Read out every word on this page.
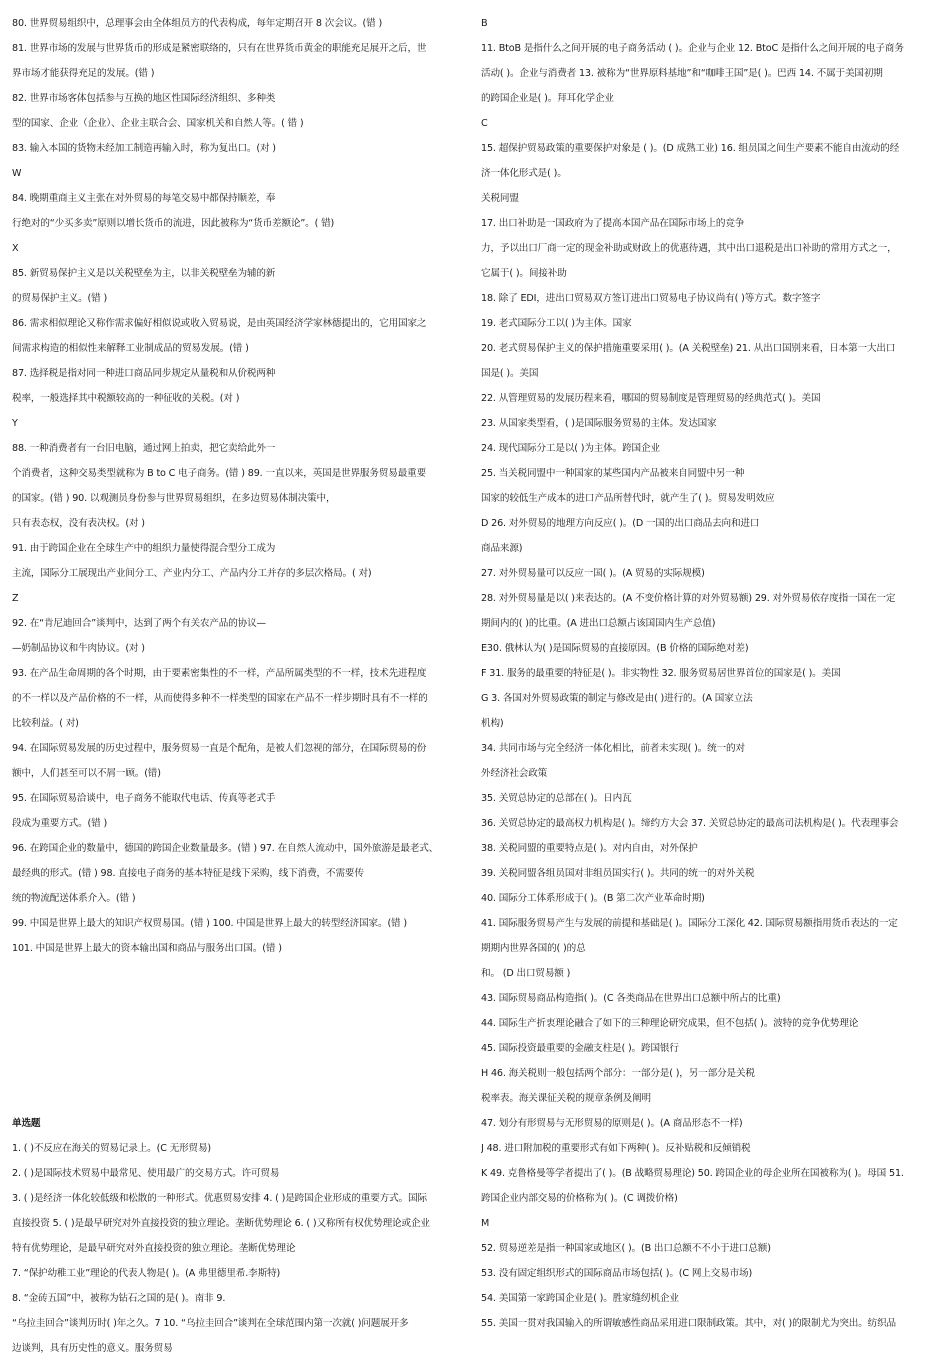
80. 世界贸易组织中，总理事会由全体组员方的代表构成，每年定期召开 8 次会议。(错 )
81. 世界市场的发展与世界货币的形成是紧密联络的，只有在世界货币黄金的职能充足展开之后，世
界市场才能获得充足的发展。(错 )
82. 世界市场客体包括参与互换的地区性国际经济组织、多种类
型的国家、企业（企业）、企业主联合会、国家机关和自然人等。( 错 )
83. 输入本国的货物未经加工制造再输入时，称为复出口。(对 )
W
84. 晚期重商主义主张在对外贸易的每笔交易中都保持顺差，奉
行绝对的“少买多卖”原则以增长货币的流进，因此被称为“货币差额论”。( 错)
X
85. 新贸易保护主义是以关税壁垒为主，以非关税壁垒为辅的新
的贸易保护主义。(错 )
86. 需求相似理论又称作需求偏好相似说或收入贸易说，是由英国经济学家林德提出的，它用国家之
间需求构造的相似性来解释工业制成品的贸易发展。(错 )
87. 选择税是指对同一种进口商品同步规定从量税和从价税两种
税率，一般选择其中税额较高的一种征收的关税。(对 )
Y
88. 一种消费者有一台旧电脑，通过网上拍卖，把它卖给此外一
个消费者，这种交易类型就称为 B to C 电子商务。(错 ) 89. 一直以来，英国是世界服务贸易最重要
的国家。(错 ) 90. 以观测员身份参与世界贸易组织，在多边贸易体制决策中，
只有表态权，没有表决权。(对 )
91. 由于跨国企业在全球生产中的组织力量使得混合型分工成为
主流，国际分工展现出产业间分工、产业内分工、产品内分工并存的多层次格局。( 对)
Z
92. 在“肯尼迪回合”谈判中，达到了两个有关农产品的协议—
—奶制品协议和牛肉协议。(对 )
93. 在产品生命周期的各个时期，由于要素密集性的不一样，产品所属类型的不一样，技术先进程度
的不一样以及产品价格的不一样，从而使得多种不一样类型的国家在产品不一样步期时具有不一样的
比较利益。( 对)
94. 在国际贸易发展的历史过程中，服务贸易一直是个配角，是被人们忽视的部分，在国际贸易的份
额中，人们甚至可以不屑一顾。(错)
95. 在国际贸易洽谈中，电子商务不能取代电话、传真等老式手
段成为重要方式。(错 )
96. 在跨国企业的数量中，德国的跨国企业数量最多。(错 ) 97. 在自然人流动中，国外旅游是最老式、
最经典的形式。(错 ) 98. 直接电子商务的基本特征是线下采购，线下消费，不需要传
统的物流配送体系介入。(错 )
99. 中国是世界上最大的知识产权贸易国。(错 ) 100. 中国是世界上最大的转型经济国家。(错 )
101. 中国是世界上最大的资本输出国和商品与服务出口国。(错 )
单选题
1. ( )不反应在海关的贸易记录上。(C 无形贸易)
2. ( )是国际技术贸易中最常见、使用最广的交易方式。许可贸易
3. ( )是经济一体化较低级和松散的一种形式。优惠贸易安排 4. ( )是跨国企业形成的重要方式。国际
直接投资 5. ( )是最早研究对外直接投资的独立理论。垄断优势理论 6. ( )又称所有权优势理论或企业
特有优势理论，是最早研究对外直接投资的独立理论。垄断优势理论
7. “保护幼稚工业”理论的代表人物是( )。(A 弗里德里希.李斯特)
8. “金砖五国”中，被称为钻石之国的是( )。南非 9.
“乌拉圭回合”谈判历时( )年之久。7 10. “乌拉圭回合”谈判在全球范围内第一次就( )问题展开多
边谈判，具有历史性的意义。服务贸易
B
11. BtoB 是指什么之间开展的电子商务活动 ( )。企业与企业 12. BtoC 是指什么之间开展的电子商务
活动( )。企业与消费者 13. 被称为“世界原料基地”和“咖啡王国”是( )。巴西 14. 不属于美国初期
的跨国企业是( )。拜耳化学企业
C
15. 超保护贸易政策的重要保护对象是 ( )。(D 成熟工业) 16. 组员国之间生产要素不能自由流动的经
济一体化形式是( )。
关税同盟
17. 出口补助是一国政府为了提高本国产品在国际市场上的竞争
力，予以出口厂商一定的现金补助或财政上的优惠待遇，其中出口退税是出口补助的常用方式之一，
它属于( )。间接补助
18. 除了 EDI，进出口贸易双方签订进出口贸易电子协议尚有( )等方式。数字签字
19. 老式国际分工以( )为主体。国家
20. 老式贸易保护主义的保护措施重要采用( )。(A 关税壁垒) 21. 从出口国别来看，日本第一大出口
国是( )。美国
22. 从管理贸易的发展历程来看，哪国的贸易制度是管理贸易的经典范式( )。美国
23. 从国家类型看，( )是国际服务贸易的主体。发达国家
24. 现代国际分工是以( )为主体。跨国企业
25. 当关税同盟中一种国家的某些国内产品被来自同盟中另一种
国家的较低生产成本的进口产品所替代时，就产生了( )。贸易发明效应
D 26. 对外贸易的地理方向反应( )。(D 一国的出口商品去向和进口
商品来源)
27. 对外贸易量可以反应一国( )。(A 贸易的实际规模)
28. 对外贸易量是以( )来表达的。(A 不变价格计算的对外贸易额) 29. 对外贸易依存度指一国在一定
期间内的( )的比重。(A 进出口总额占该国国内生产总值)
E30. 俄林认为( )是国际贸易的直接原因。(B 价格的国际绝对差)
F 31. 服务的最重要的特征是( )。非实物性 32. 服务贸易居世界首位的国家是( )。美国
G 3. 各国对外贸易政策的制定与修改是由( )进行的。(A 国家立法
机构)
34. 共同市场与完全经济一体化相比，前者未实现( )。统一的对
外经济社会政策
35. 关贸总协定的总部在( )。日内瓦
36. 关贸总协定的最高权力机构是( )。缔约方大会 37. 关贸总协定的最高司法机构是( )。代表理事会
38. 关税同盟的重要特点是( )。对内自由，对外保护
39. 关税同盟各组员国对非组员国实行( )。共同的统一的对外关税
40. 国际分工体系形成于( )。(B 第二次产业革命时期)
41. 国际服务贸易产生与发展的前提和基础是( )。国际分工深化 42. 国际贸易额指用货币表达的一定
期期内世界各国的( )的总
和。 (D 出口贸易额 )
43. 国际贸易商品构造指( )。(C 各类商品在世界出口总额中所占的比重)
44. 国际生产折衷理论融合了如下的三种理论研究成果，但不包括( )。波特的竞争优势理论
45. 国际投资最重要的金融支柱是( )。跨国银行
H 46. 海关税则一般包括两个部分：一部分是( )，另一部分是关税
税率表。海关课征关税的规章条例及阐明
47. 划分有形贸易与无形贸易的原则是( )。(A 商品形态不一样)
J 48. 进口附加税的重要形式有如下两种( )。反补贴税和反倾销税
K 49. 克鲁格曼等学者提出了( )。(B 战略贸易理论) 50. 跨国企业的母企业所在国被称为( )。母国 51.
跨国企业内部交易的价格称为( )。(C 调拨价格)
M
52. 贸易逆差是指一种国家或地区( )。(B 出口总额不不小于进口总额)
53. 没有固定组织形式的国际商品市场包括( )。(C 网上交易市场)
54. 美国第一家跨国企业是( )。胜家缝纫机企业
55. 美国一贯对我国输入的所谓敏感性商品采用进口限制政策。其中，对( )的限制尤为突出。纺织品
